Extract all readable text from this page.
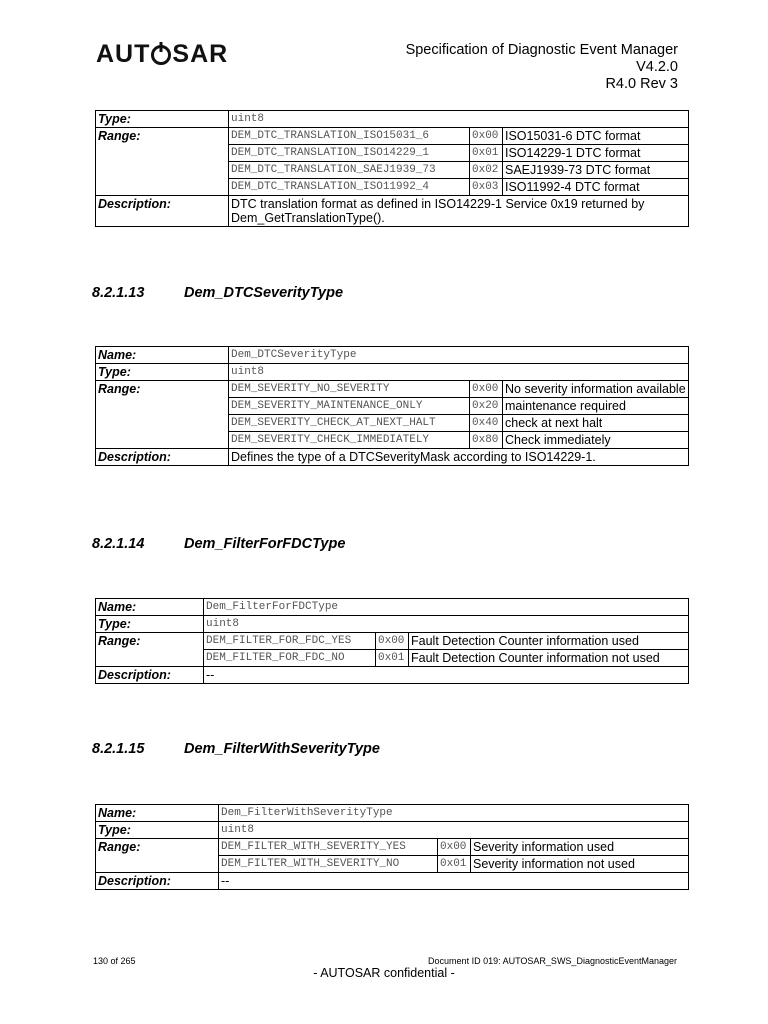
AUT SAR	Specification of Diagnostic Event Manager
V4.2.0
R4.0 Rev 3
Type:	uint8		
Range:	DEM_DTC_TRANSLATION_ISO15031_6	0x00	ISO15031-6 DTC format
	DEM_DTC_TRANSLATION_ISO14229_1	0x01	ISO14229-1 DTC format
	DEM_DTC_TRANSLATION_SAEJ1939_73	0x02	SAEJ1939-73 DTC format
	DEM_DTC_TRANSLATION_ISO11992_4	0x03	ISO11992-4 DTC format
Description:	DTC translation format as defined in ISO14229-1 Service 0x19 returned by Dem_GetTranslationType().		
8.2.1.13	Dem_DTCSeverityType
Name:	Dem_DTCSeverityType		
Type:	uint8		
Range:	DEM_SEVERITY_NO_SEVERITY	0x00	No severity information available
	DEM_SEVERITY_MAINTENANCE_ONLY	0x20	maintenance required
	DEM_SEVERITY_CHECK_AT_NEXT_HALT	0x40	check at next halt
	DEM_SEVERITY_CHECK_IMMEDIATELY	0x80	Check immediately
Description:	Defines the type of a DTCSeverityMask according to ISO14229-1.		
8.2.1.14	Dem_FilterForFDCType
Name:	Dem_FilterForFDCType		
Type:	uint8		
Range:	DEM_FILTER_FOR_FDC_YES	0x00	Fault Detection Counter information used
	DEM_FILTER_FOR_FDC_NO	0x01	Fault Detection Counter information not used
Description:	--		
8.2.1.15	Dem_FilterWithSeverityType
Name:	Dem_FilterWithSeverityType		
Type:	uint8		
Range:	DEM_FILTER_WITH_SEVERITY_YES	0x00	Severity information used
	DEM_FILTER_WITH_SEVERITY_NO	0x01	Severity information not used
Description:	--		
130 of 265	Document ID 019: AUTOSAR_SWS_DiagnosticEventManager
- AUTOSAR confidential -
